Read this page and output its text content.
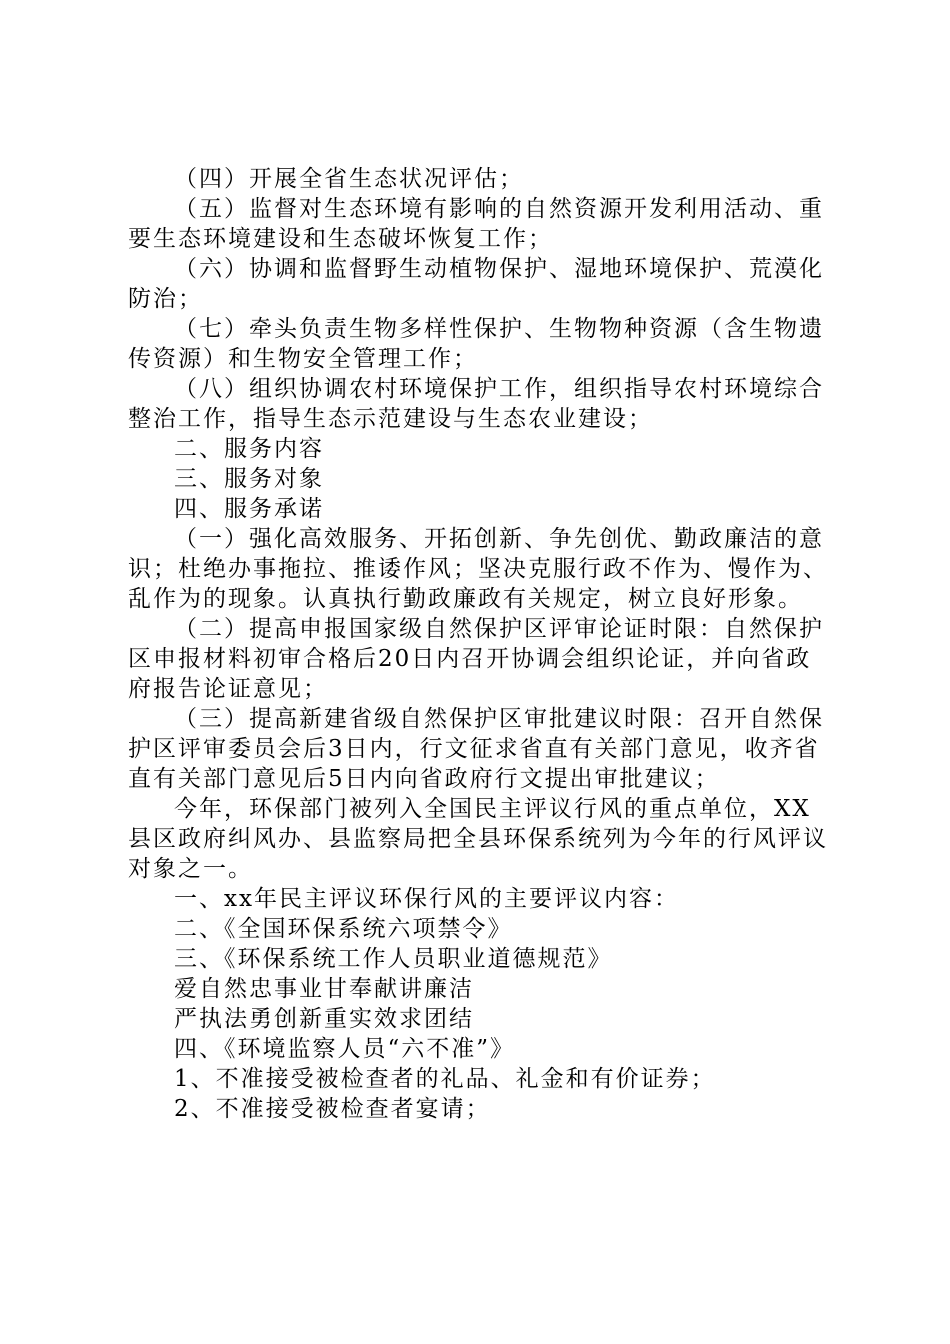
（四）开展全省生态状况评估；

（五）监督对生态环境有影响的自然资源开发利用活动、重要生态环境建设和生态破坏恢复工作；

（六）协调和监督野生动植物保护、湿地环境保护、荒漠化防治；

（七）牵头负责生物多样性保护、生物物种资源（含生物遗传资源）和生物安全管理工作；

（八）组织协调农村环境保护工作，组织指导农村环境综合整治工作，指导生态示范建设与生态农业建设；

二、服务内容

三、服务对象

四、服务承诺

（一）强化高效服务、开拓创新、争先创优、勤政廉洁的意识；杜绝办事拖拉、推诿作风；坚决克服行政不作为、慢作为、乱作为的现象。认真执行勤政廉政有关规定，树立良好形象。

（二）提高申报国家级自然保护区评审论证时限：自然保护区申报材料初审合格后20日内召开协调会组织论证，并向省政府报告论证意见；

（三）提高新建省级自然保护区审批建议时限：召开自然保护区评审委员会后3日内，行文征求省直有关部门意见，收齐省直有关部门意见后5日内向省政府行文提出审批建议；

今年，环保部门被列入全国民主评议行风的重点单位，XX县区政府纠风办、县监察局把全县环保系统列为今年的行风评议对象之一。

一、xx年民主评议环保行风的主要评议内容：

二、《全国环保系统六项禁令》

三、《环保系统工作人员职业道德规范》

爱自然忠事业甘奉献讲廉洁

严执法勇创新重实效求团结

四、《环境监察人员“六不准”》

1、不准接受被检查者的礼品、礼金和有价证券；

2、不准接受被检查者宴请；
